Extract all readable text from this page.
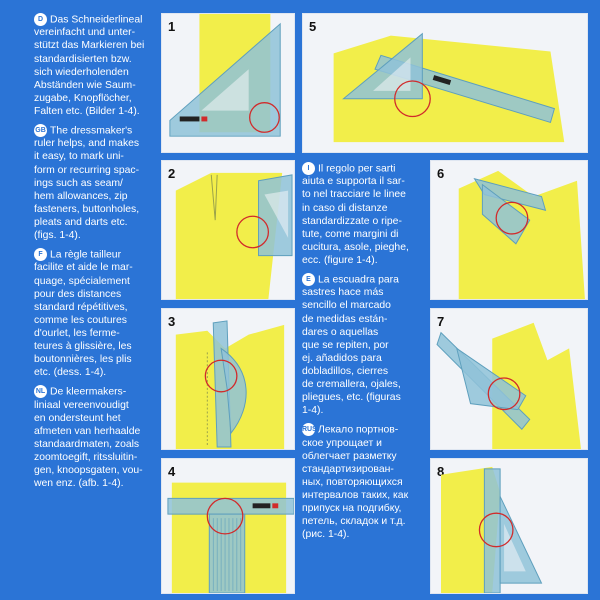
D Das Schneiderlineal
vereinfacht und unter-
stützt das Markieren bei
standardisierten bzw.
sich wiederholenden
Abständen wie Saum-
zugabe, Knopflöcher,
Falten etc. (Bilder 1-4).
GB The dressmaker's
ruler helps, and makes
it easy, to mark uni-
form or recurring spac-
ings such as seam/
hem allowances, zip
fasteners, buttonholes,
pleats and darts etc.
(figs. 1-4).
F La règle tailleur
facilite et aide le mar-
quage, spécialement
pour des distances
standard répétitives,
comme les coutures
d'ourlet, les ferme-
teures à glissière, les
boutonnières, les plis
etc. (dess. 1-4).
NL De kleermakers-
liniaal vereenvoudigt
en ondersteunt het
afmeten van herhaalde
standaardmaten, zoals
zoomtoegift, ritssluitin-
gen, knoopsgaten, vou-
wen enz. (afb. 1-4).
I Il regolo per sarti
aiuta e supporta il sar-
to nel tracciare le linee
in caso di distanze
standardizzate o ripe-
tute, come margini di
cucitura, asole, pieghe,
ecc. (figure 1-4).
E La escuadra para
sastres hace más
sencillo el marcado
de medidas están-
dares o aquellas
que se repiten, por
ej. añadidos para
dobladillos, cierres
de cremallera, ojales,
pliegues, etc. (figuras
1-4).
RUSЛекало портнов-
ское упрощает и
облегчает разметку
стандартизирован-
ных, повторяющихся
интервалов таких, как
припуск на подгибку,
петель, складок и т.д.
(рис. 1-4).
1
2
3
4
5
6
7
8
